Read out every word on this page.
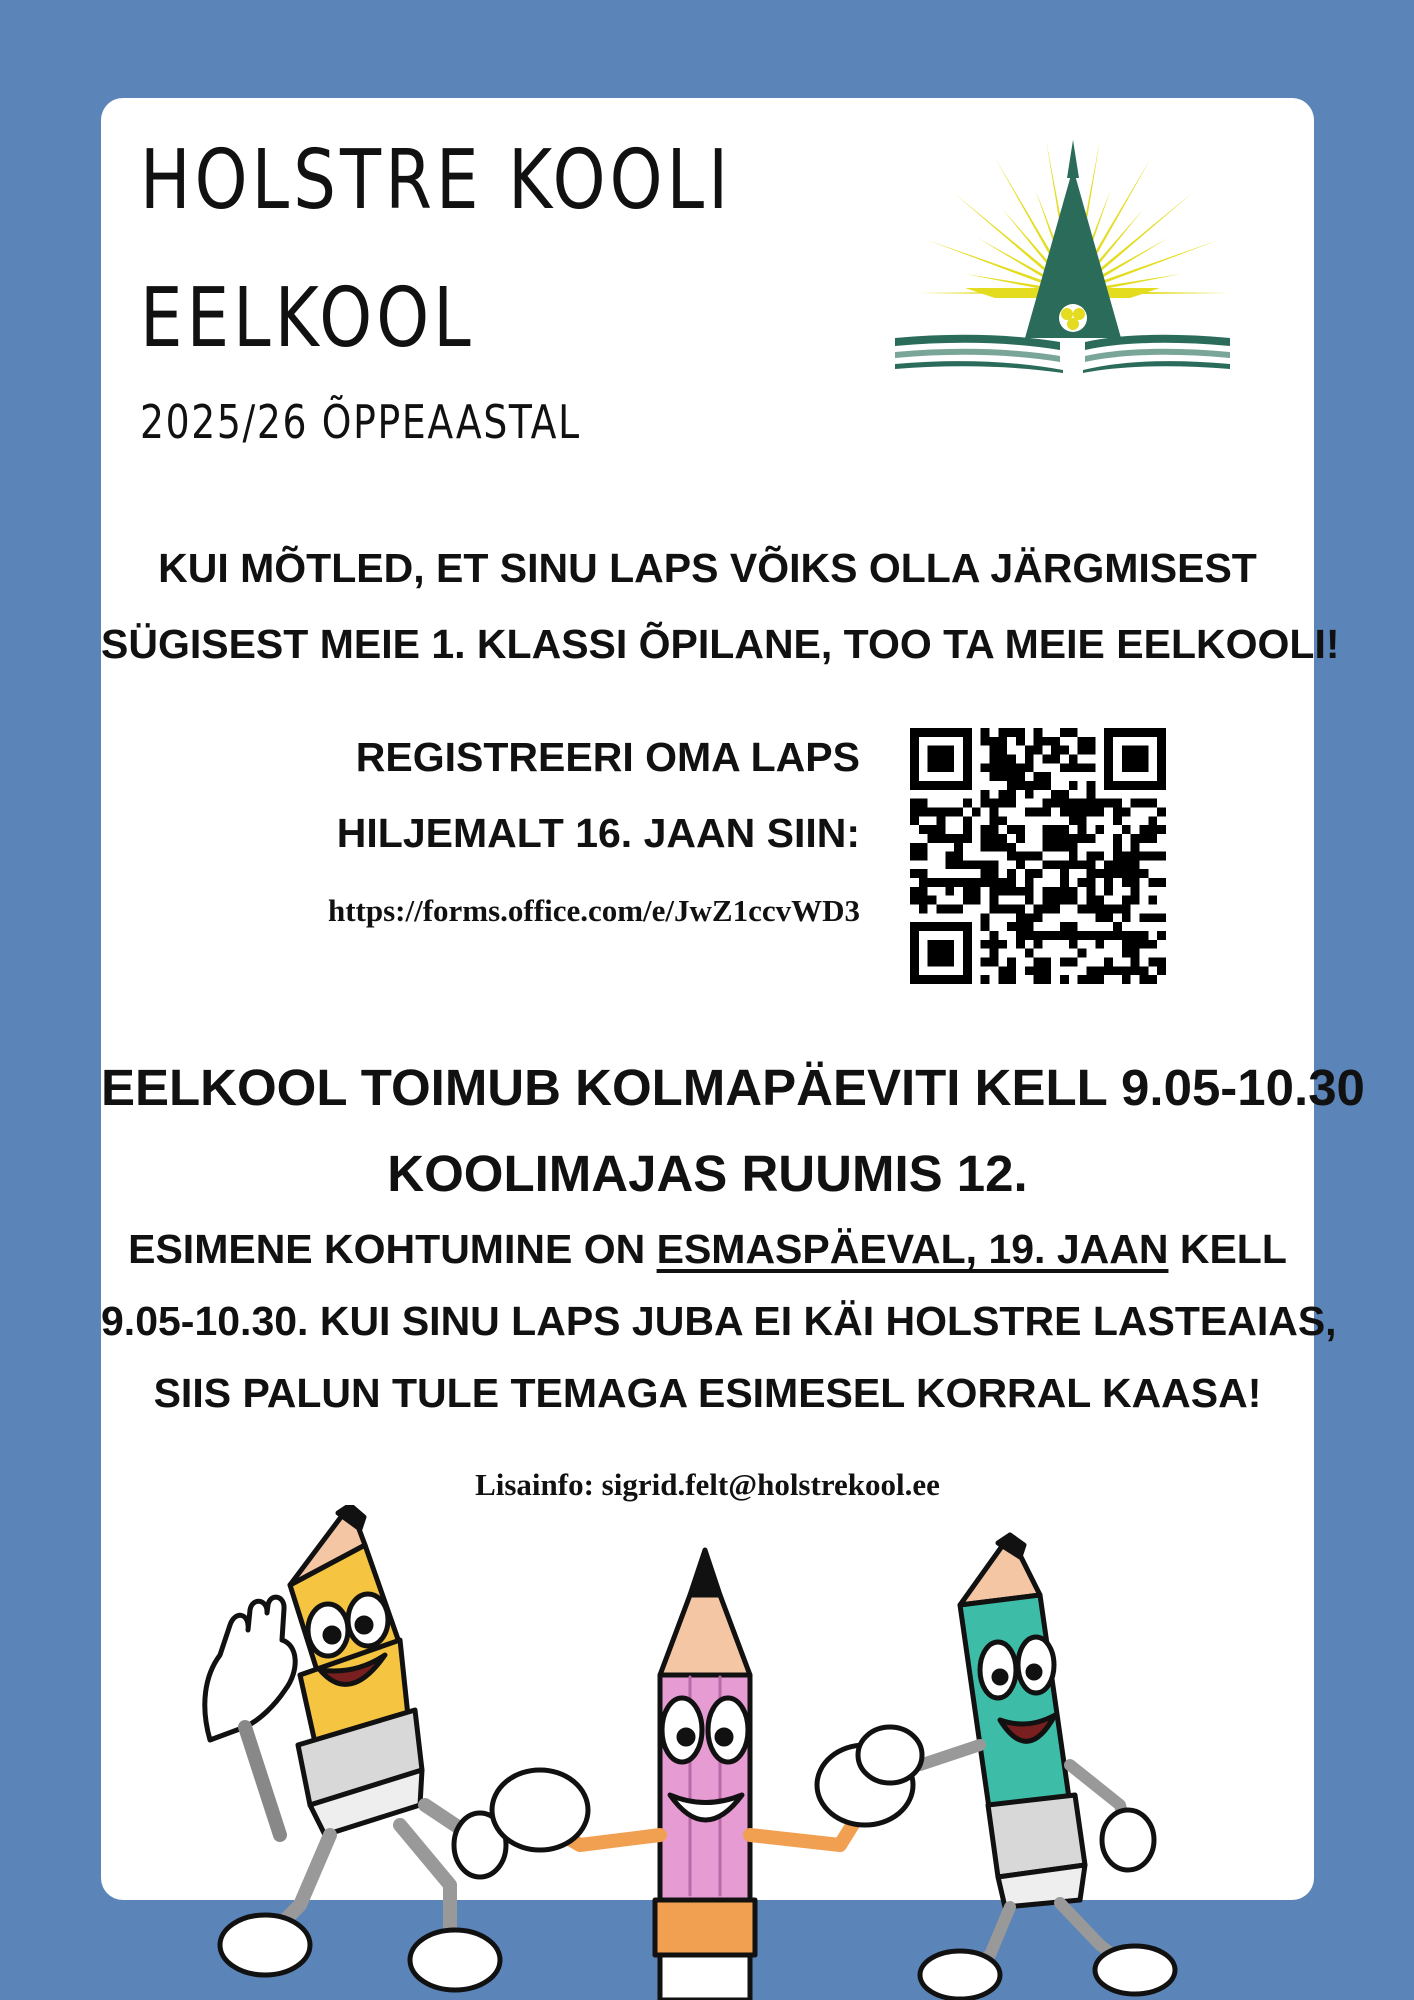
HOLSTRE KOOLI
EELKOOL
2025/26 ÕPPEAASTAL
KUI MÕTLED, ET SINU LAPS VÕIKS OLLA JÄRGMISEST
SÜGISEST MEIE 1. KLASSI ÕPILANE, TOO TA MEIE EELKOOLI!
REGISTREERI OMA LAPS
HILJEMALT 16. JAAN SIIN:
https://forms.office.com/e/JwZ1ccvWD3
EELKOOL TOIMUB KOLMAPÄEVITI KELL 9.05-10.30
KOOLIMAJAS RUUMIS 12.
ESIMENE KOHTUMINE ON ESMASPÄEVAL, 19. JAAN KELL
9.05-10.30. KUI SINU LAPS JUBA EI KÄI HOLSTRE LASTEAIAS,
SIIS PALUN TULE TEMAGA ESIMESEL KORRAL KAASA!
Lisainfo: sigrid.felt@holstrekool.ee
